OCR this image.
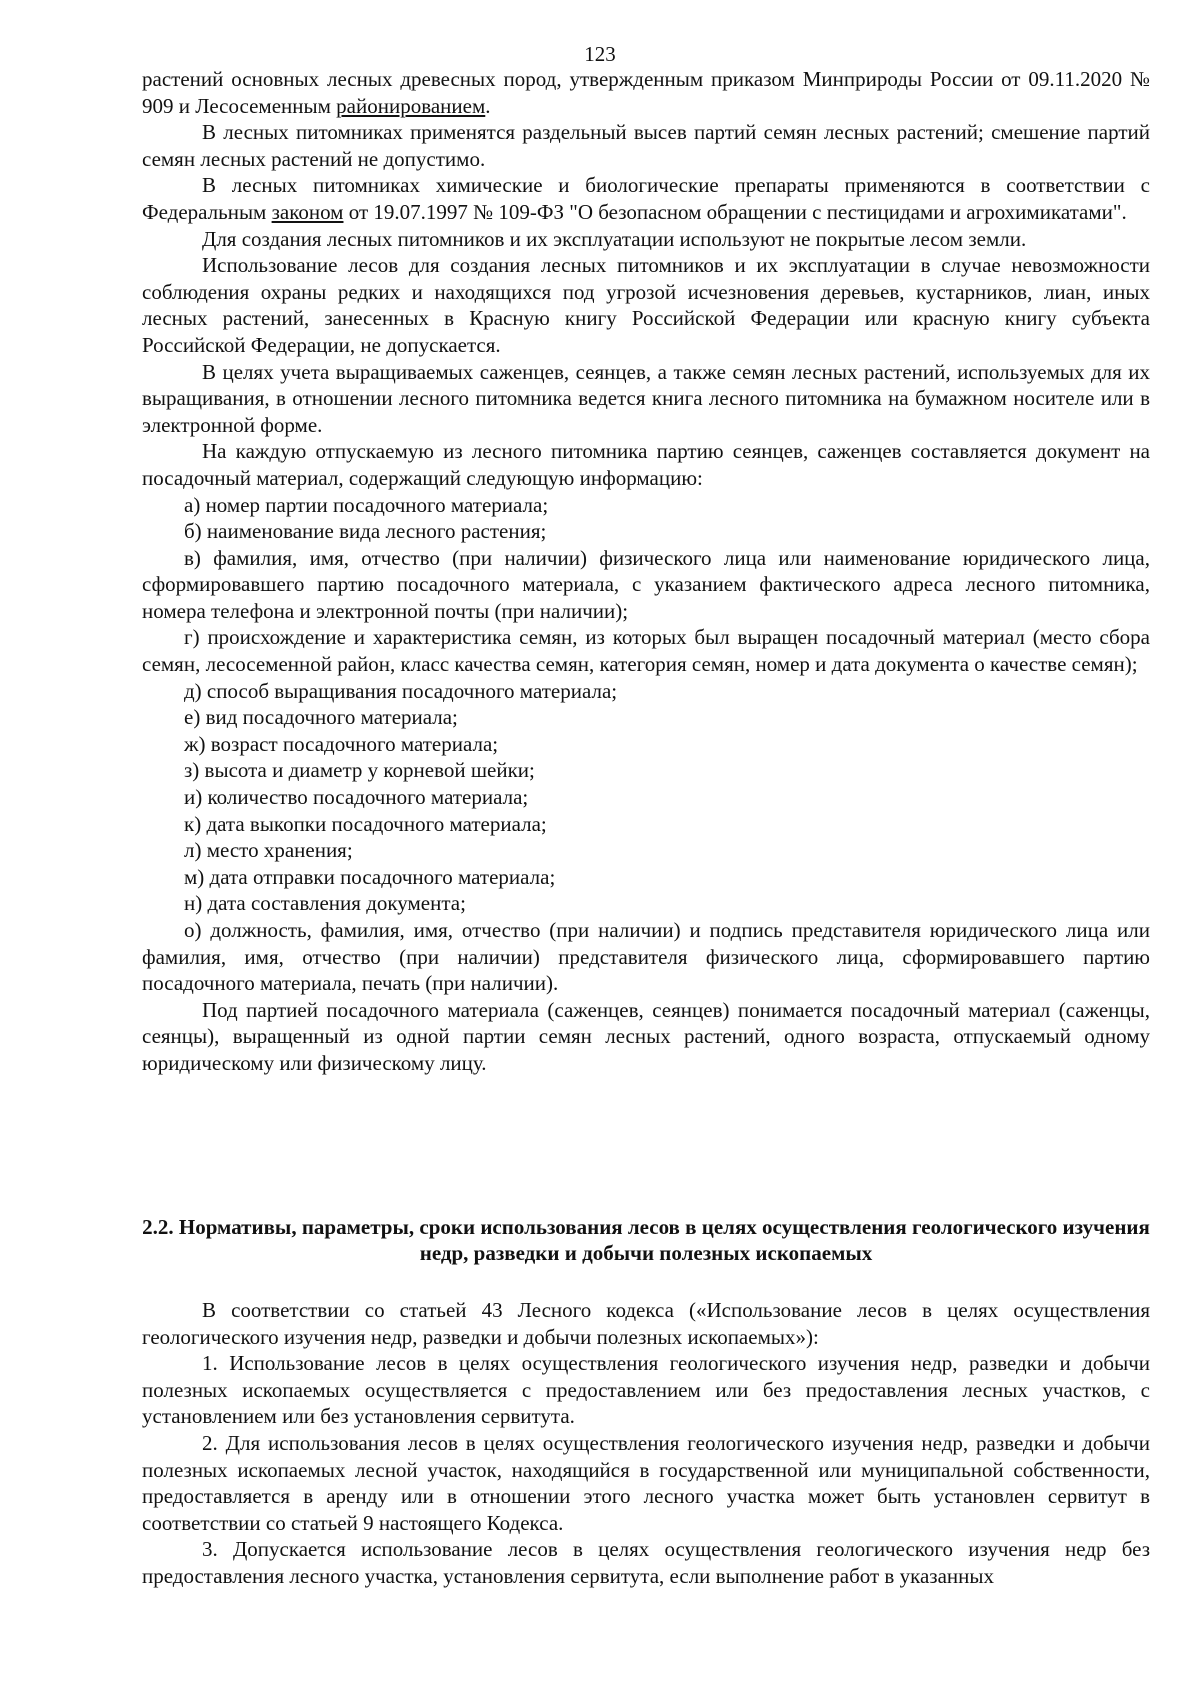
123

растений основных лесных древесных пород, утвержденным приказом Минприроды России от 09.11.2020 № 909 и Лесосеменным районированием.

В лесных питомниках применятся раздельный высев партий семян лесных растений; смешение партий семян лесных растений не допустимо.

В лесных питомниках химические и биологические препараты применяются в соответствии с Федеральным законом от 19.07.1997 № 109-ФЗ "О безопасном обращении с пестицидами и агрохимикатами".

Для создания лесных питомников и их эксплуатации используют не покрытые лесом земли.

Использование лесов для создания лесных питомников и их эксплуатации в случае невозможности соблюдения охраны редких и находящихся под угрозой исчезновения деревьев, кустарников, лиан, иных лесных растений, занесенных в Красную книгу Российской Федерации или красную книгу субъекта Российской Федерации, не допускается.

В целях учета выращиваемых саженцев, сеянцев, а также семян лесных растений, используемых для их выращивания, в отношении лесного питомника ведется книга лесного питомника на бумажном носителе или в электронной форме.

На каждую отпускаемую из лесного питомника партию сеянцев, саженцев составляется документ на посадочный материал, содержащий следующую информацию:

а) номер партии посадочного материала;

б) наименование вида лесного растения;

в) фамилия, имя, отчество (при наличии) физического лица или наименование юридического лица, сформировавшего партию посадочного материала, с указанием фактического адреса лесного питомника, номера телефона и электронной почты (при наличии);

г) происхождение и характеристика семян, из которых был выращен посадочный материал (место сбора семян, лесосеменной район, класс качества семян, категория семян, номер и дата документа о качестве семян);

д) способ выращивания посадочного материала;

е) вид посадочного материала;

ж) возраст посадочного материала;

з) высота и диаметр у корневой шейки;

и) количество посадочного материала;

к) дата выкопки посадочного материала;

л) место хранения;

м) дата отправки посадочного материала;

н) дата составления документа;

о) должность, фамилия, имя, отчество (при наличии) и подпись представителя юридического лица или фамилия, имя, отчество (при наличии) представителя физического лица, сформировавшего партию посадочного материала, печать (при наличии).

Под партией посадочного материала (саженцев, сеянцев) понимается посадочный материал (саженцы, сеянцы), выращенный из одной партии семян лесных растений, одного возраста, отпускаемый одному юридическому или физическому лицу.

2.2. Нормативы, параметры, сроки использования лесов в целях осуществления геологического изучения недр, разведки и добычи полезных ископаемых

В соответствии со статьей 43 Лесного кодекса («Использование лесов в целях осуществления геологического изучения недр, разведки и добычи полезных ископаемых»):

1. Использование лесов в целях осуществления геологического изучения недр, разведки и добычи полезных ископаемых осуществляется с предоставлением или без предоставления лесных участков, с установлением или без установления сервитута.

2. Для использования лесов в целях осуществления геологического изучения недр, разведки и добычи полезных ископаемых лесной участок, находящийся в государственной или муниципальной собственности, предоставляется в аренду или в отношении этого лесного участка может быть установлен сервитут в соответствии со статьей 9 настоящего Кодекса.

3. Допускается использование лесов в целях осуществления геологического изучения недр без предоставления лесного участка, установления сервитута, если выполнение работ в указанных
